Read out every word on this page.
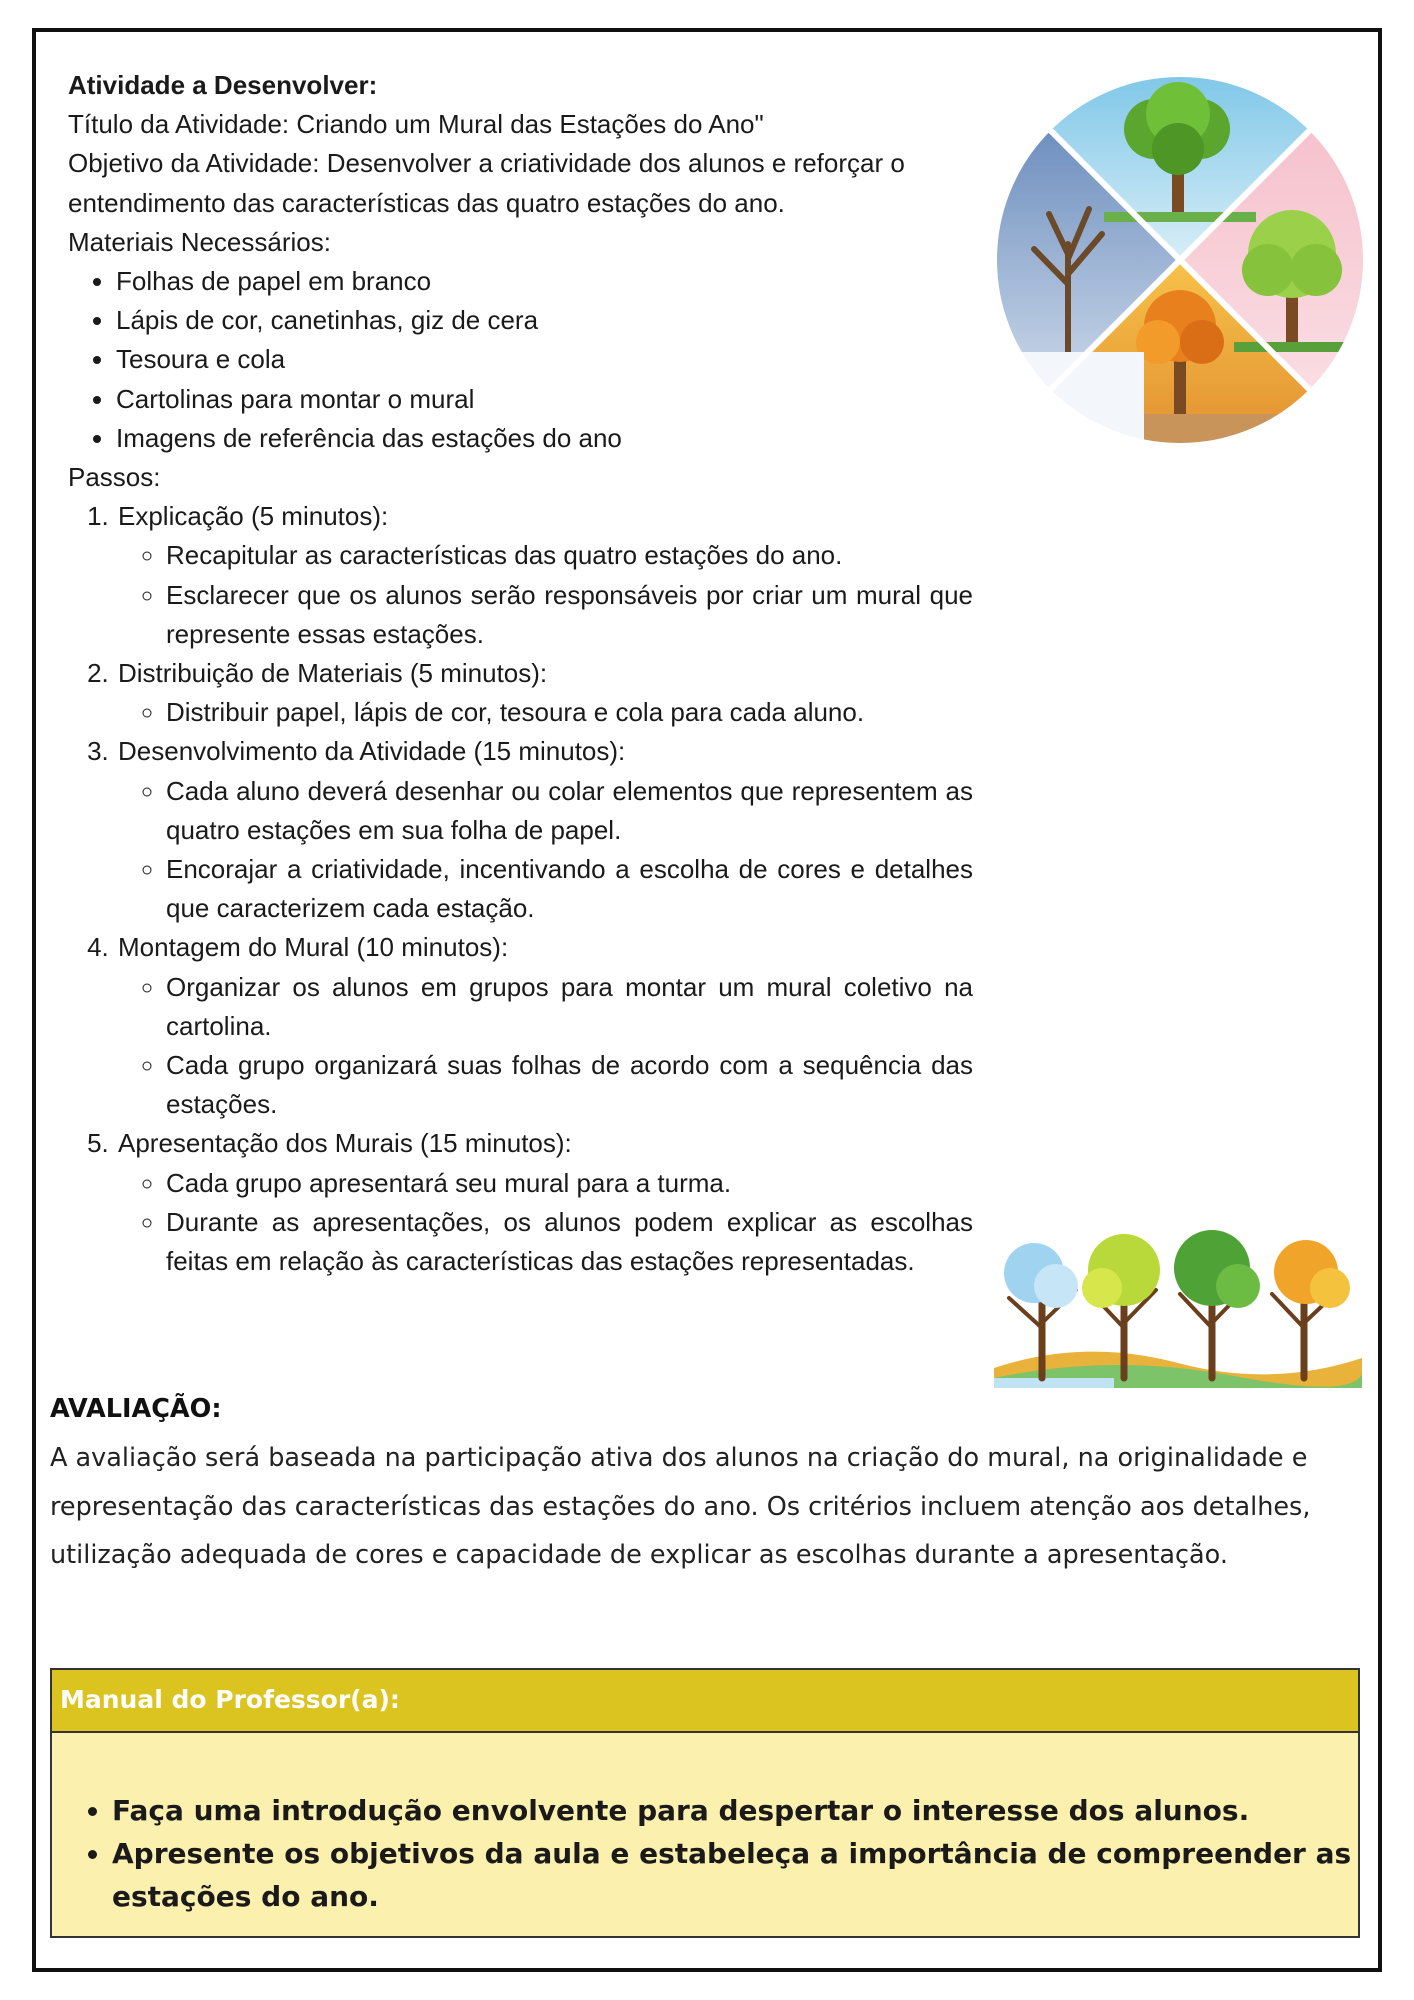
Atividade a Desenvolver:
Título da Atividade: Criando um Mural das Estações do Ano"
Objetivo da Atividade: Desenvolver a criatividade dos alunos e reforçar o entendimento das características das quatro estações do ano.
Materiais Necessários:
• Folhas de papel em branco
• Lápis de cor, canetinhas, giz de cera
• Tesoura e cola
• Cartolinas para montar o mural
• Imagens de referência das estações do ano
Passos:
1. Explicação (5 minutos):
◦ Recapitular as características das quatro estações do ano.
◦ Esclarecer que os alunos serão responsáveis por criar um mural que represente essas estações.
2. Distribuição de Materiais (5 minutos):
◦ Distribuir papel, lápis de cor, tesoura e cola para cada aluno.
3. Desenvolvimento da Atividade (15 minutos):
◦ Cada aluno deverá desenhar ou colar elementos que representem as quatro estações em sua folha de papel.
◦ Encorajar a criatividade, incentivando a escolha de cores e detalhes que caracterizem cada estação.
4. Montagem do Mural (10 minutos):
◦ Organizar os alunos em grupos para montar um mural coletivo na cartolina.
◦ Cada grupo organizará suas folhas de acordo com a sequência das estações.
5. Apresentação dos Murais (15 minutos):
◦ Cada grupo apresentará seu mural para a turma.
◦ Durante as apresentações, os alunos podem explicar as escolhas feitas em relação às características das estações representadas.
AVALIAÇÃO:
A avaliação será baseada na participação ativa dos alunos na criação do mural, na originalidade e representação das características das estações do ano. Os critérios incluem atenção aos detalhes, utilização adequada de cores e capacidade de explicar as escolhas durante a apresentação.
Manual do Professor(a):
• Faça uma introdução envolvente para despertar o interesse dos alunos.
• Apresente os objetivos da aula e estabeleça a importância de compreender as estações do ano.
